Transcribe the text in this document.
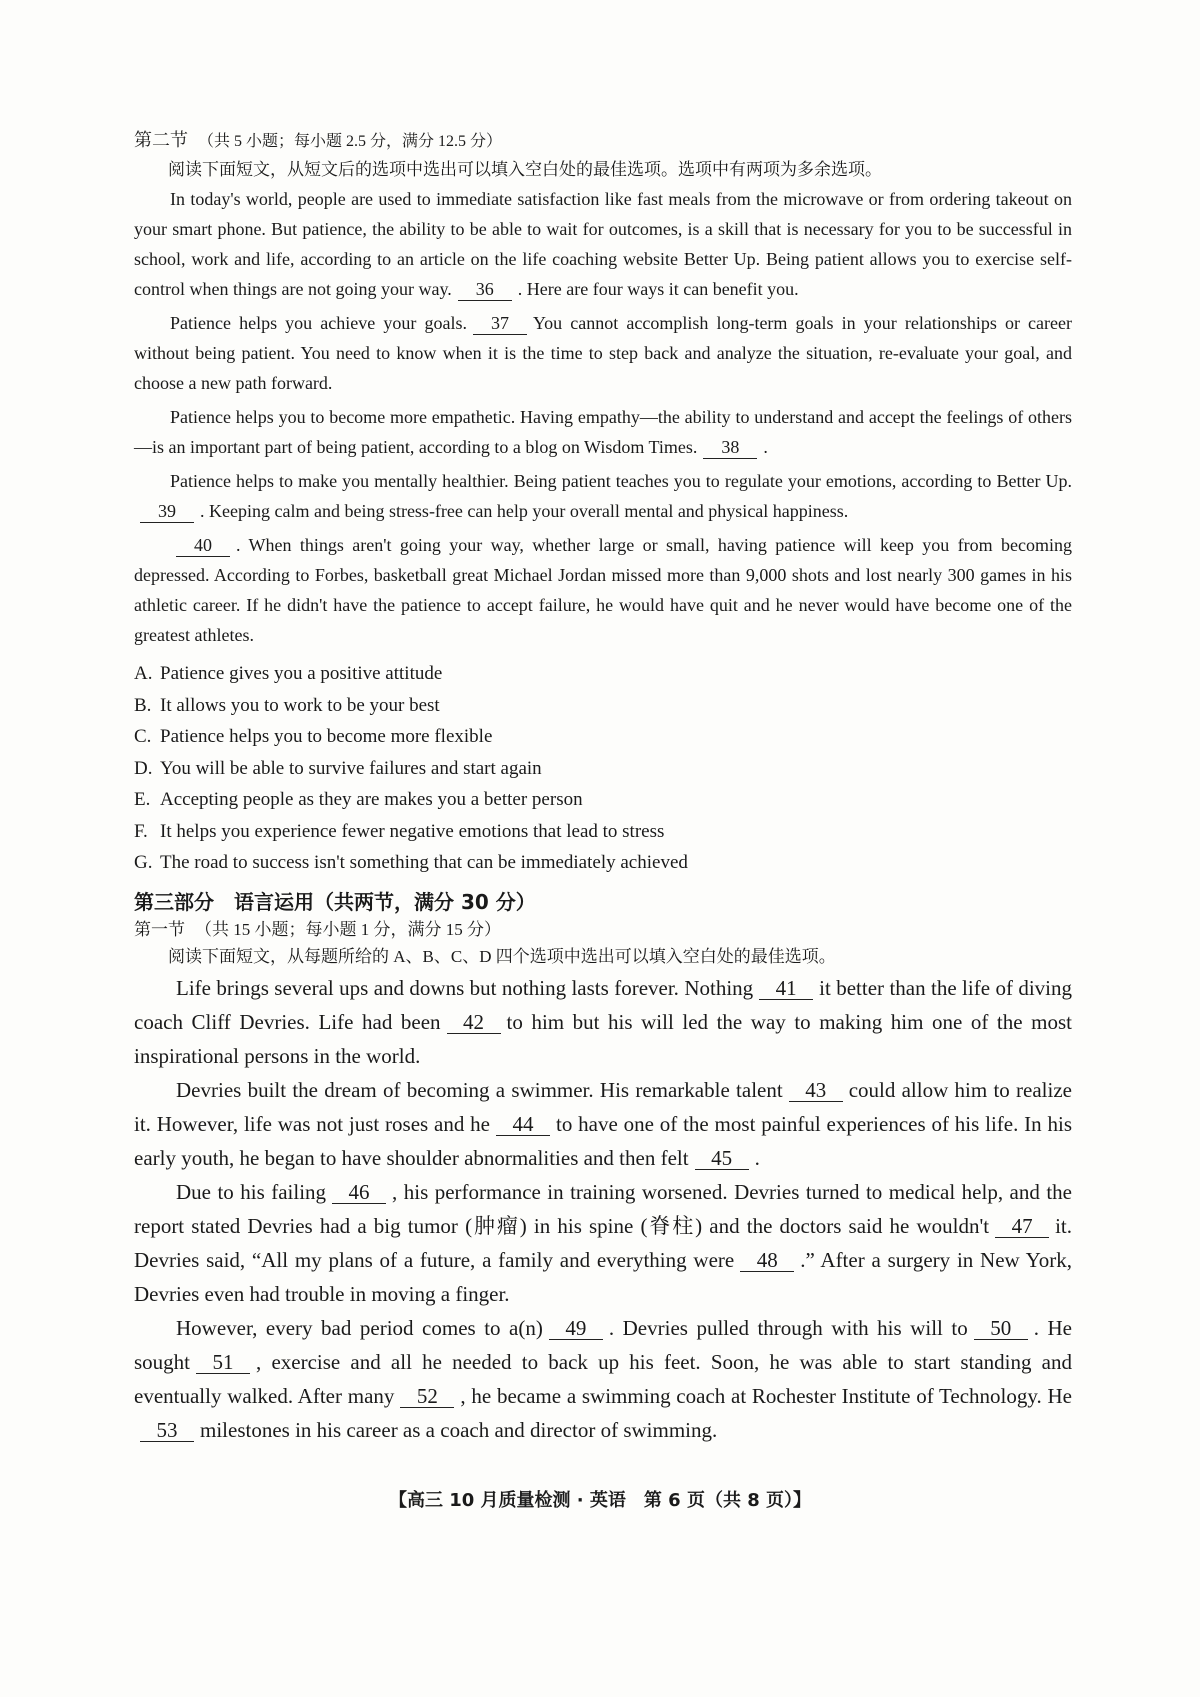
第二节 （共 5 小题；每小题 2.5 分，满分 12.5 分）

阅读下面短文，从短文后的选项中选出可以填入空白处的最佳选项。选项中有两项为多余选项。

In today's world, people are used to immediate satisfaction like fast meals from the microwave or from ordering takeout on your smart phone. But patience, the ability to be able to wait for outcomes, is a skill that is necessary for you to be successful in school, work and life, according to an article on the life coaching website Better Up. Being patient allows you to exercise self-control when things are not going your way. 36 . Here are four ways it can benefit you.

Patience helps you achieve your goals. 37 You cannot accomplish long-term goals in your relationships or career without being patient. You need to know when it is the time to step back and analyze the situation, re-evaluate your goal, and choose a new path forward.

Patience helps you to become more empathetic. Having empathy—the ability to understand and accept the feelings of others—is an important part of being patient, according to a blog on Wisdom Times. 38 .

Patience helps to make you mentally healthier. Being patient teaches you to regulate your emotions, according to Better Up.39 . Keeping calm and being stress-free can help your overall mental and physical happiness.

40 . When things aren't going your way, whether large or small, having patience will keep you from becoming depressed. According to Forbes, basketball great Michael Jordan missed more than 9,000 shots and lost nearly 300 games in his athletic career. If he didn't have the patience to accept failure, he would have quit and he never would have become one of the greatest athletes.

A. Patience gives you a positive attitude
B. It allows you to work to be your best
C. Patience helps you to become more flexible
D. You will be able to survive failures and start again
E. Accepting people as they are makes you a better person
F. It helps you experience fewer negative emotions that lead to stress
G. The road to success isn't something that can be immediately achieved
第三部分　语言运用（共两节，满分 30 分）
第一节 （共 15 小题；每小题 1 分，满分 15 分）

阅读下面短文，从每题所给的 A、B、C、D 四个选项中选出可以填入空白处的最佳选项。

Life brings several ups and downs but nothing lasts forever. Nothing 41 it better than the life of diving coach Cliff Devries. Life had been 42 to him but his will led the way to making him one of the most inspirational persons in the world.

Devries built the dream of becoming a swimmer. His remarkable talent 43 could allow him to realize it. However, life was not just roses and he 44 to have one of the most painful experiences of his life. In his early youth, he began to have shoulder abnormalities and then felt 45 .

Due to his failing 46 , his performance in training worsened. Devries turned to medical help, and the report stated Devries had a big tumor (肿瘤) in his spine (脊柱) and the doctors said he wouldn't 47 it. Devries said, “All my plans of a future, a family and everything were 48 .” After a surgery in New York, Devries even had trouble in moving a finger.

However, every bad period comes to a(n) 49 . Devries pulled through with his will to 50 . He sought 51 , exercise and all he needed to back up his feet. Soon, he was able to start standing and eventually walked. After many 52 , he became a swimming coach at Rochester Institute of Technology. He53 milestones in his career as a coach and director of swimming.

【高三 10 月质量检测 · 英语　第 6 页（共 8 页）】
